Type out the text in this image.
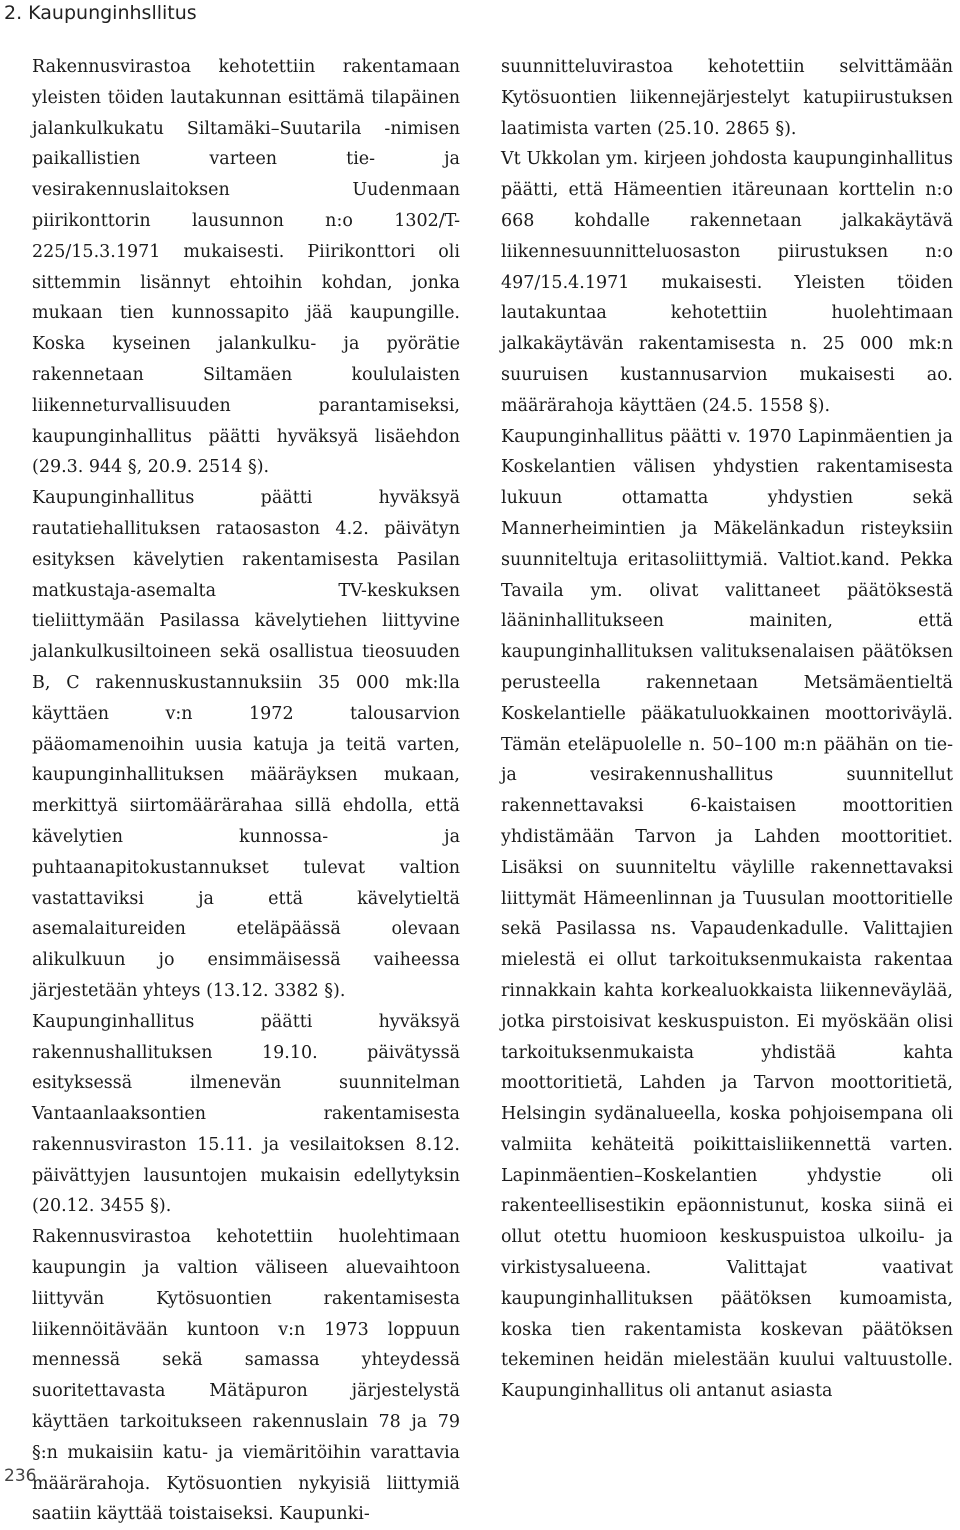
2. Kaupunginhsllitus

Rakennusvirastoa kehotettiin rakentamaan yleisten töiden lautakunnan esittämä tilapäinen jalankulkukatu Siltamäki–Suutarila -nimisen paikallistien varteen tie- ja vesirakennuslaitoksen Uudenmaan piirikonttorin lausunnon n:o 1302/T-225/15.3.1971 mukaisesti. Piirikonttori oli sittemmin lisännyt ehtoihin kohdan, jonka mukaan tien kunnossapito jää kaupungille. Koska kyseinen jalankulku- ja pyörätie rakennetaan Siltamäen koululaisten liikenneturvallisuuden parantamiseksi, kaupunginhallitus päätti hyväksyä lisäehdon (29.3. 944 §, 20.9. 2514 §).

Kaupunginhallitus päätti hyväksyä rautatiehallituksen rataosaston 4.2. päivätyn esityksen kävelytien rakentamisesta Pasilan matkustaja-asemalta TV-keskuksen tieliittymään Pasilassa kävelytiehen liittyvine jalankulkusiltoineen sekä osallistua tieosuuden B, C rakennuskustannuksiin 35 000 mk:lla käyttäen v:n 1972 talousarvion pääomamenoihin uusia katuja ja teitä varten, kaupunginhallituksen määräyksen mukaan, merkittyä siirtomäärärahaa sillä ehdolla, että kävelytien kunnossa- ja puhtaanapitokustannukset tulevat valtion vastattaviksi ja että kävelytieltä asemalaitureiden eteläpäässä olevaan alikulkuun jo ensimmäisessä vaiheessa järjestetään yhteys (13.12. 3382 §).

Kaupunginhallitus päätti hyväksyä rakennushallituksen 19.10. päivätyssä esityksessä ilmenevän suunnitelman Vantaanlaaksontien rakentamisesta rakennusviraston 15.11. ja vesilaitoksen 8.12. päivättyjen lausuntojen mukaisin edellytyksin (20.12. 3455 §).

Rakennusvirastoa kehotettiin huolehtimaan kaupungin ja valtion väliseen aluevaihtoon liittyvän Kytösuontien rakentamisesta liikennöitävään kuntoon v:n 1973 loppuun mennessä sekä samassa yhteydessä suoritettavasta Mätäpuron järjestelystä käyttäen tarkoitukseen rakennuslain 78 ja 79 §:n mukaisiin katu- ja viemäritöihin varattavia määrärahoja. Kytösuontien nykyisiä liittymiä saatiin käyttää toistaiseksi. Kaupunki-

suunnitteluvirastoa kehotettiin selvittämään Kytösuontien liikennejärjestelyt katupiirustuksen laatimista varten (25.10. 2865 §).

Vt Ukkolan ym. kirjeen johdosta kaupunginhallitus päätti, että Hämeentien itäreunaan korttelin n:o 668 kohdalle rakennetaan jalkakäytävä liikennesuunnitteluosaston piirustuksen n:o 497/15.4.1971 mukaisesti. Yleisten töiden lautakuntaa kehotettiin huolehtimaan jalkakäytävän rakentamisesta n. 25 000 mk:n suuruisen kustannusarvion mukaisesti ao. määrärahoja käyttäen (24.5. 1558 §).

Kaupunginhallitus päätti v. 1970 Lapinmäentien ja Koskelantien välisen yhdystien rakentamisesta lukuun ottamatta yhdystien sekä Mannerheimintien ja Mäkelänkadun risteyksiin suunniteltuja eritasoliittymiä. Valtiot.kand. Pekka Tavaila ym. olivat valittaneet päätöksestä lääninhallitukseen mainiten, että kaupunginhallituksen valituksenalaisen päätöksen perusteella rakennetaan Metsämäentieltä Koskelantielle pääkatuluokkainen moottoriväylä. Tämän eteläpuolelle n. 50–100 m:n päähän on tie- ja vesirakennushallitus suunnitellut rakennettavaksi 6-kaistaisen moottoritien yhdistämään Tarvon ja Lahden moottoritiet. Lisäksi on suunniteltu väylille rakennettavaksi liittymät Hämeenlinnan ja Tuusulan moottoritielle sekä Pasilassa ns. Vapaudenkadulle. Valittajien mielestä ei ollut tarkoituksenmukaista rakentaa rinnakkain kahta korkealuokkaista liikenneväylää, jotka pirstoisivat keskuspuiston. Ei myöskään olisi tarkoituksenmukaista yhdistää kahta moottoritietä, Lahden ja Tarvon moottoritietä, Helsingin sydänalueella, koska pohjoisempana oli valmiita kehäteitä poikittaisliikennettä varten. Lapinmäentien–Koskelantien yhdystie oli rakenteellisestikin epäonnistunut, koska siinä ei ollut otettu huomioon keskuspuistoa ulkoilu- ja virkistysalueena. Valittajat vaativat kaupunginhallituksen päätöksen kumoamista, koska tien rakentamista koskevan päätöksen tekeminen heidän mielestään kuului valtuustolle. Kaupunginhallitus oli antanut asiasta

236
